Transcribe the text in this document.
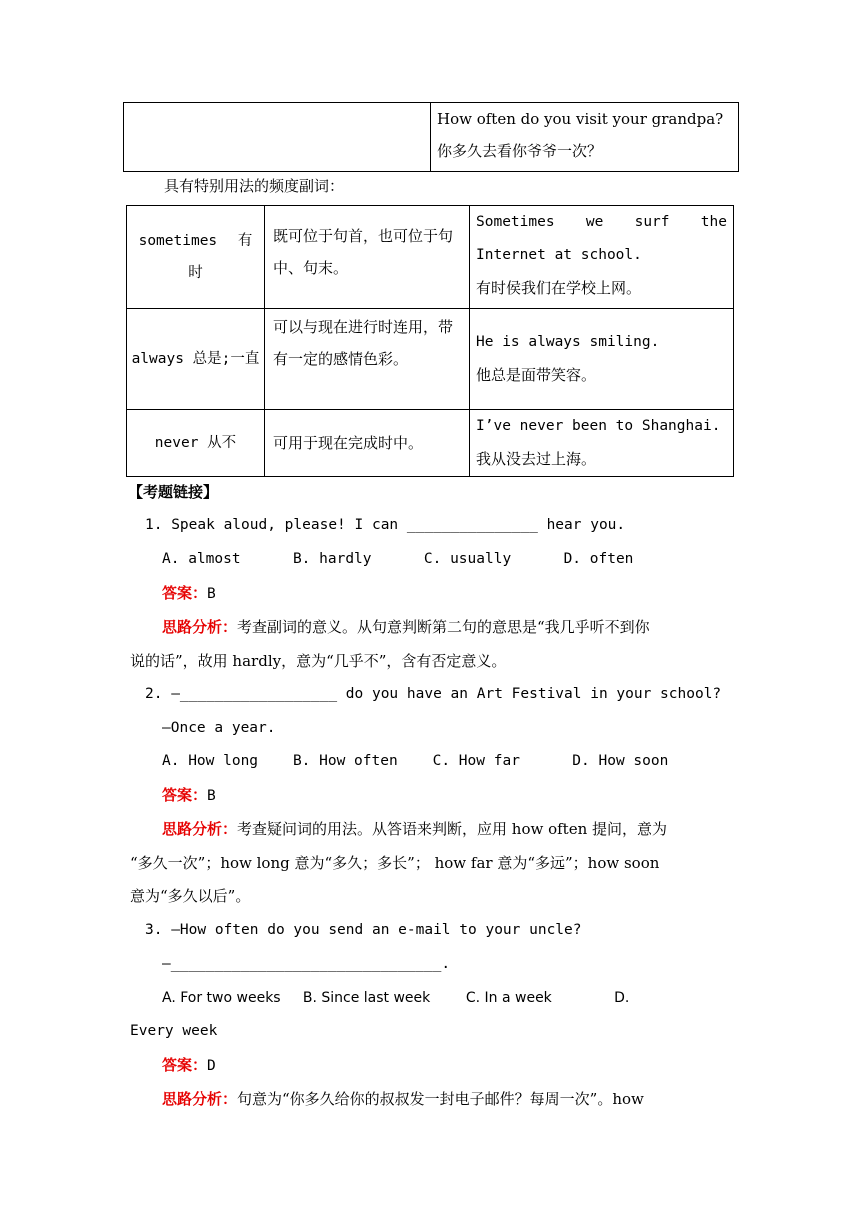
How often do you visit your grandpa?
你多久去看你爷爷一次？
具有特别用法的频度副词：
sometimes 有时	既可位于句首，也可位于句中、句末。	Sometimes we surf the Internet at school.
有时侯我们在学校上网。

always 总是;一直	可以与现在进行时连用，带有一定的感情色彩。	He is always smiling.
他总是面带笑容。

never 从不	可用于现在完成时中。	I’ve never been to Shanghai.
我从没去过上海。
【考题链接】
1. Speak aloud, please! I can _______________ hear you.
A. almost      B. hardly      C. usually      D. often
答案：B
思路分析：考查副词的意义。从句意判断第二句的意思是“我几乎听不到你
说的话”，故用 hardly，意为“几乎不”，含有否定意义。
2. —__________________ do you have an Art Festival in your school?
—Once a year.
A. How long    B. How often    C. How far      D. How soon
答案：B
思路分析：考查疑问词的用法。从答语来判断，应用 how often 提问，意为
“多久一次”；how long 意为“多久；多长”； how far 意为“多远”；how soon
意为“多久以后”。
3. —How often do you send an e-mail to your uncle?
—_______________________________.
A. For two weeks     B. Since last week        C. In a week              D.
Every week
答案：D
思路分析：句意为“你多久给你的叔叔发一封电子邮件？每周一次”。how
